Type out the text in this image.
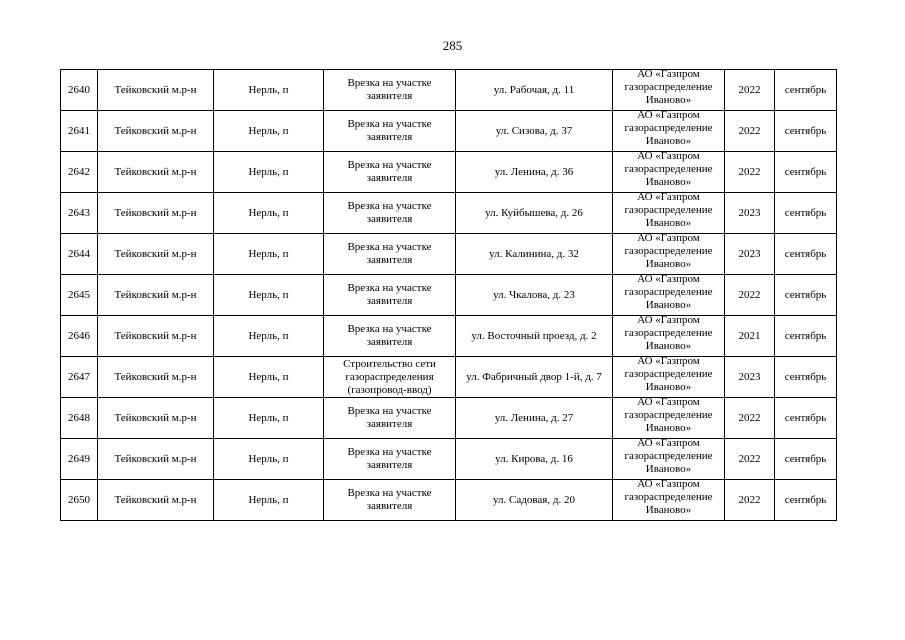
285
2640	Тейковский м.р-н	Нерль, п	Врезка на участке заявителя	ул. Рабочая, д. 11	АО «Газпром газораспределение Иваново»	2022	сентябрь
2641	Тейковский м.р-н	Нерль, п	Врезка на участке заявителя	ул. Сизова, д. 37	АО «Газпром газораспределение Иваново»	2022	сентябрь
2642	Тейковский м.р-н	Нерль, п	Врезка на участке заявителя	ул. Ленина, д. 36	АО «Газпром газораспределение Иваново»	2022	сентябрь
2643	Тейковский м.р-н	Нерль, п	Врезка на участке заявителя	ул. Куйбышева, д. 26	АО «Газпром газораспределение Иваново»	2023	сентябрь
2644	Тейковский м.р-н	Нерль, п	Врезка на участке заявителя	ул. Калинина, д. 32	АО «Газпром газораспределение Иваново»	2023	сентябрь
2645	Тейковский м.р-н	Нерль, п	Врезка на участке заявителя	ул. Чкалова, д. 23	АО «Газпром газораспределение Иваново»	2022	сентябрь
2646	Тейковский м.р-н	Нерль, п	Врезка на участке заявителя	ул. Восточный проезд, д. 2	АО «Газпром газораспределение Иваново»	2021	сентябрь
2647	Тейковский м.р-н	Нерль, п	Строительство сети газораспределения (газопровод-ввод)	ул. Фабричный двор 1-й, д. 7	АО «Газпром газораспределение Иваново»	2023	сентябрь
2648	Тейковский м.р-н	Нерль, п	Врезка на участке заявителя	ул. Ленина, д. 27	АО «Газпром газораспределение Иваново»	2022	сентябрь
2649	Тейковский м.р-н	Нерль, п	Врезка на участке заявителя	ул. Кирова, д. 16	АО «Газпром газораспределение Иваново»	2022	сентябрь
2650	Тейковский м.р-н	Нерль, п	Врезка на участке заявителя	ул. Садовая, д. 20	АО «Газпром газораспределение Иваново»	2022	сентябрь
